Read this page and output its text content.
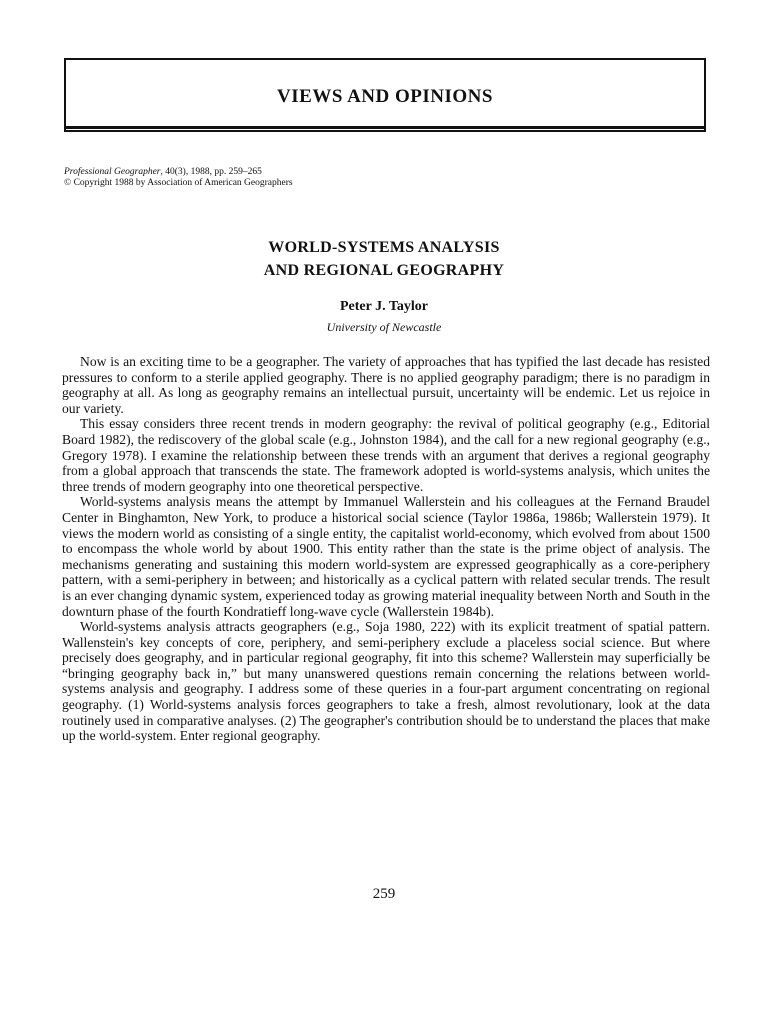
VIEWS AND OPINIONS
Professional Geographer, 40(3), 1988, pp. 259–265
© Copyright 1988 by Association of American Geographers
WORLD-SYSTEMS ANALYSIS
AND REGIONAL GEOGRAPHY
Peter J. Taylor
University of Newcastle

Now is an exciting time to be a geographer. The variety of approaches that has typified the last decade has resisted pressures to conform to a sterile applied geography. There is no applied geography paradigm; there is no paradigm in geography at all. As long as geography remains an intellectual pursuit, uncertainty will be endemic. Let us rejoice in our variety.

This essay considers three recent trends in modern geography: the revival of political geography (e.g., Editorial Board 1982), the rediscovery of the global scale (e.g., Johnston 1984), and the call for a new regional geography (e.g., Gregory 1978). I examine the relationship between these trends with an argument that derives a regional geography from a global approach that transcends the state. The framework adopted is world-systems analysis, which unites the three trends of modern geography into one theoretical perspective.

World-systems analysis means the attempt by Immanuel Wallerstein and his colleagues at the Fernand Braudel Center in Binghamton, New York, to produce a historical social science (Taylor 1986a, 1986b; Wallerstein 1979). It views the modern world as consisting of a single entity, the capitalist world-economy, which evolved from about 1500 to encompass the whole world by about 1900. This entity rather than the state is the prime object of analysis. The mechanisms generating and sustaining this modern world-system are expressed geographically as a core-periphery pattern, with a semi-periphery in between; and historically as a cyclical pattern with related secular trends. The result is an ever changing dynamic system, experienced today as growing material inequality between North and South in the downturn phase of the fourth Kondratieff long-wave cycle (Wallerstein 1984b).

World-systems analysis attracts geographers (e.g., Soja 1980, 222) with its explicit treatment of spatial pattern. Wallenstein's key concepts of core, periphery, and semi-periphery exclude a placeless social science. But where precisely does geography, and in particular regional geography, fit into this scheme? Wallerstein may superficially be “bringing geography back in,” but many unanswered questions remain concerning the relations between world-systems analysis and geography. I address some of these queries in a four-part argument concentrating on regional geography. (1) World-systems analysis forces geographers to take a fresh, almost revolutionary, look at the data routinely used in comparative analyses. (2) The geographer's contribution should be to understand the places that make up the world-system. Enter regional geography.

259
